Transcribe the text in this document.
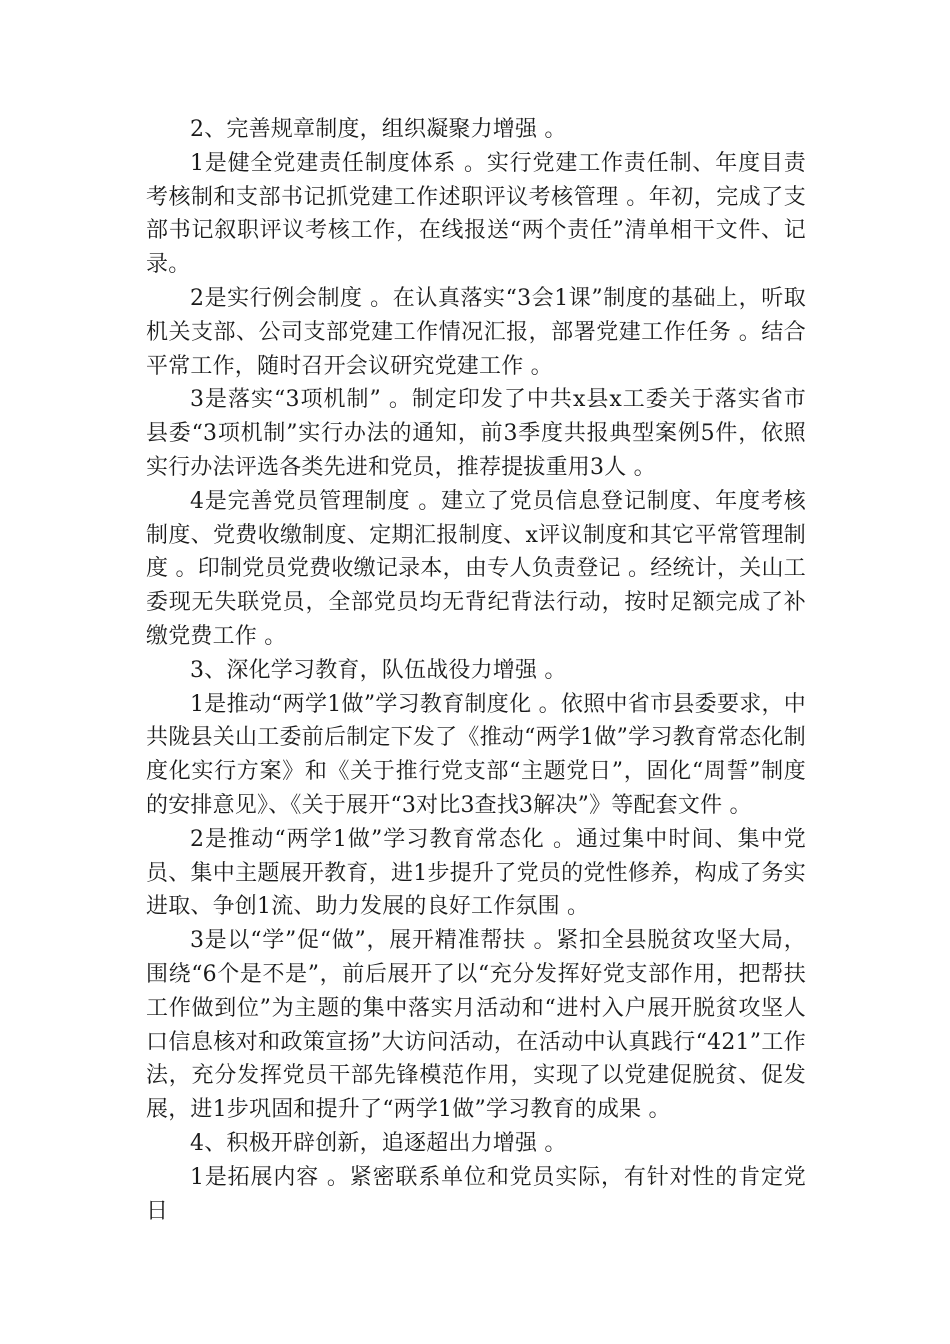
2、完善规章制度，组织凝聚力增强 。

1是健全党建责任制度体系 。实行党建工作责任制、年度目责考核制和支部书记抓党建工作述职评议考核管理 。年初，完成了支部书记叙职评议考核工作，在线报送“两个责任”清单相干文件、记录。

2是实行例会制度 。在认真落实“3会1课”制度的基础上，听取机关支部、公司支部党建工作情况汇报，部署党建工作任务 。结合平常工作，随时召开会议研究党建工作 。

3是落实“3项机制” 。制定印发了中共x县x工委关于落实省市县委“3项机制”实行办法的通知，前3季度共报典型案例5件，依照实行办法评选各类先进和党员，推荐提拔重用3人 。

4是完善党员管理制度 。建立了党员信息登记制度、年度考核制度、党费收缴制度、定期汇报制度、x评议制度和其它平常管理制度 。印制党员党费收缴记录本，由专人负责登记 。经统计，关山工委现无失联党员，全部党员均无背纪背法行动，按时足额完成了补缴党费工作 。

3、深化学习教育，队伍战役力增强 。

1是推动“两学1做”学习教育制度化 。依照中省市县委要求，中共陇县关山工委前后制定下发了《推动“两学1做”学习教育常态化制度化实行方案》和《关于推行党支部“主题党日”，固化“周誓”制度的安排意见》、《关于展开“3对比3查找3解决”》等配套文件 。

2是推动“两学1做”学习教育常态化 。通过集中时间、集中党员、集中主题展开教育，进1步提升了党员的党性修养，构成了务实进取、争创1流、助力发展的良好工作氛围 。

3是以“学”促“做”，展开精准帮扶 。紧扣全县脱贫攻坚大局，围绕“6个是不是”，前后展开了以“充分发挥好党支部作用，把帮扶工作做到位”为主题的集中落实月活动和“进村入户展开脱贫攻坚人口信息核对和政策宣扬”大访问活动，在活动中认真践行“421”工作法，充分发挥党员干部先锋模范作用，实现了以党建促脱贫、促发展，进1步巩固和提升了“两学1做”学习教育的成果 。

4、积极开辟创新，追逐超出力增强 。

1是拓展内容 。紧密联系单位和党员实际，有针对性的肯定党日
